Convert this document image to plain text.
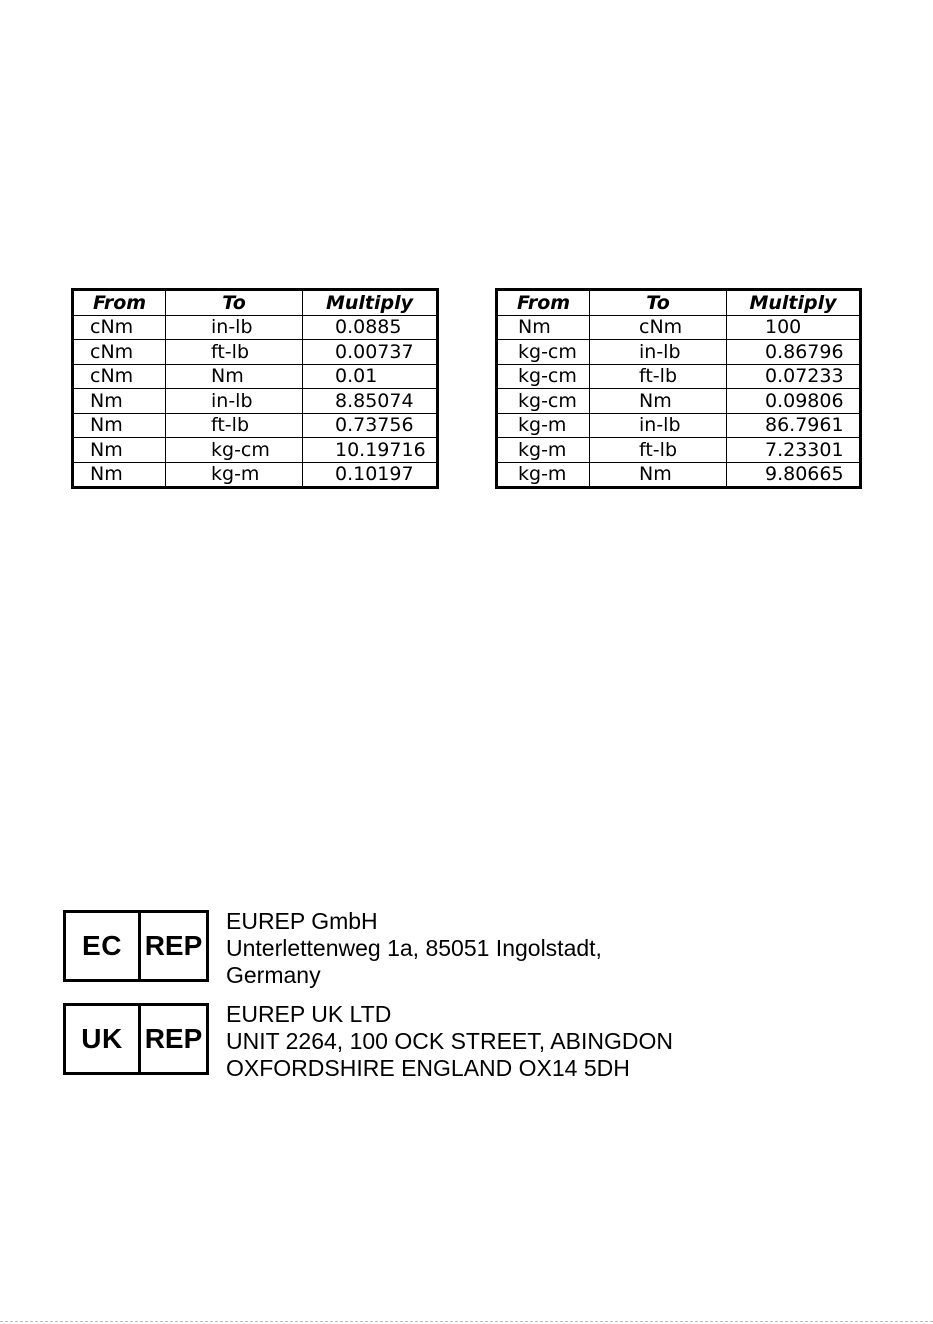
From	To	Multiply
cNm	in-lb	0.0885
cNm	ft-lb	0.00737
cNm	Nm	0.01
Nm	in-lb	8.85074
Nm	ft-lb	0.73756
Nm	kg-cm	10.19716
Nm	kg-m	0.10197
From	To	Multiply
Nm	cNm	100
kg-cm	in-lb	0.86796
kg-cm	ft-lb	0.07233
kg-cm	Nm	0.09806
kg-m	in-lb	86.7961
kg-m	ft-lb	7.23301
kg-m	Nm	9.80665
EC REP
EUREP GmbH
Unterlettenweg 1a, 85051 Ingolstadt,
Germany
UK REP
EUREP UK LTD
UNIT 2264, 100 OCK STREET, ABINGDON
OXFORDSHIRE ENGLAND OX14 5DH
